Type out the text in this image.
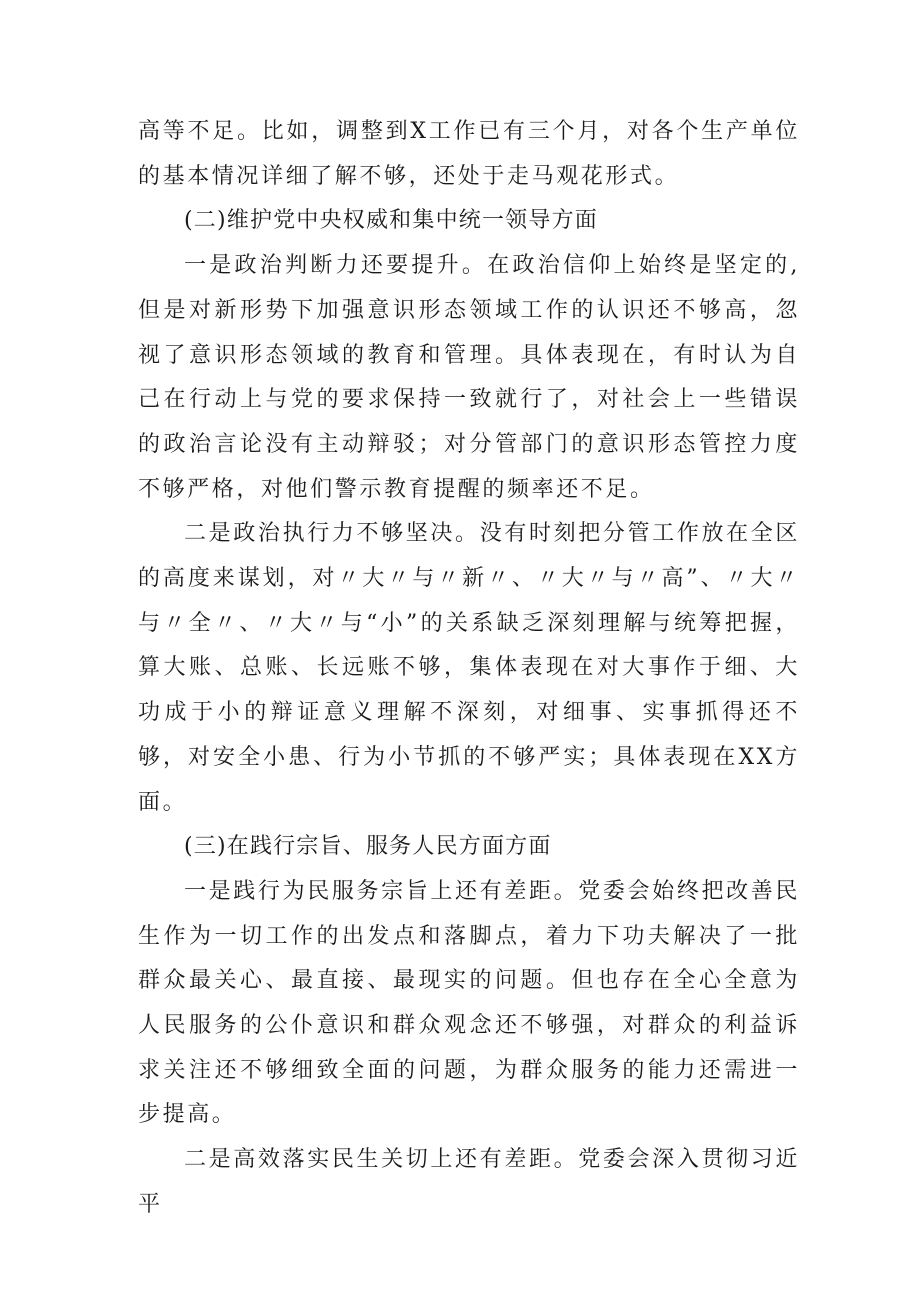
高等不足。比如，调整到X工作已有三个月，对各个生产单位的基本情况详细了解不够，还处于走马观花形式。

(二)维护党中央权威和集中统一领导方面

一是政治判断力还要提升。在政治信仰上始终是坚定的,但是对新形势下加强意识形态领域工作的认识还不够高，忽视了意识形态领域的教育和管理。具体表现在，有时认为自己在行动上与党的要求保持一致就行了，对社会上一些错误的政治言论没有主动辩驳；对分管部门的意识形态管控力度不够严格，对他们警示教育提醒的频率还不足。

二是政治执行力不够坚决。没有时刻把分管工作放在全区的高度来谋划，对〃大〃与〃新〃、〃大〃与〃高”、〃大〃与〃全〃、〃大〃与“小”的关系缺乏深刻理解与统筹把握，算大账、总账、长远账不够，集体表现在对大事作于细、大功成于小的辩证意义理解不深刻，对细事、实事抓得还不够，对安全小患、行为小节抓的不够严实；具体表现在XX方面。

(三)在践行宗旨、服务人民方面方面

一是践行为民服务宗旨上还有差距。党委会始终把改善民生作为一切工作的出发点和落脚点，着力下功夫解决了一批群众最关心、最直接、最现实的问题。但也存在全心全意为人民服务的公仆意识和群众观念还不够强，对群众的利益诉求关注还不够细致全面的问题，为群众服务的能力还需进一步提高。

二是高效落实民生关切上还有差距。党委会深入贯彻习近平
